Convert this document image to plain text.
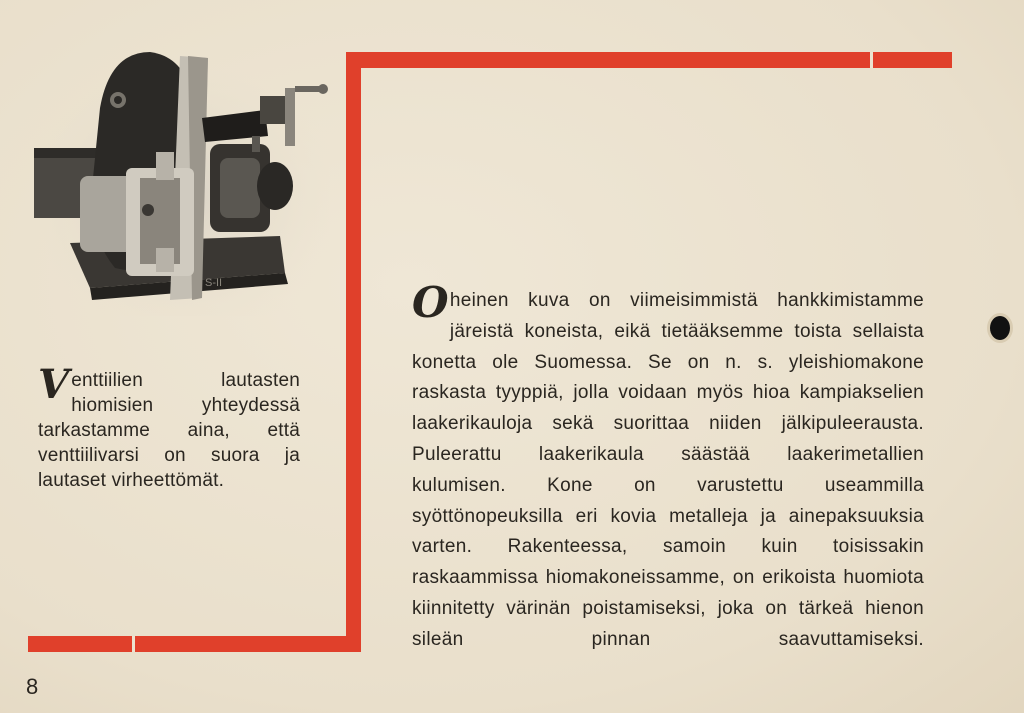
S-II
Venttiilien lautasten hiomisien yhteydessä tarkastamme aina, että venttiilivarsi on suora ja lautaset virheettömät.

Oheinen kuva on viimeisimmistä hankkimistamme järeistä koneista, eikä tietääksemme toista sellaista konetta ole Suomessa. Se on n. s. yleishiomakone raskasta tyyppiä, jolla voidaan myös hioa kampiakselien laakerikauloja sekä suorittaa niiden jälkipuleerausta. Puleerattu laakerikaula säästää laakerimetallien kulumisen. Kone on varustettu useammilla syöttönopeuksilla eri kovia metalleja ja ainepaksuuksia varten. Rakenteessa, samoin kuin toisissakin raskaammissa hiomakoneissamme, on erikoista huomiota kiinnitetty värinän poistamiseksi, joka on tärkeä hienon sileän pinnan saavuttamiseksi.

8
